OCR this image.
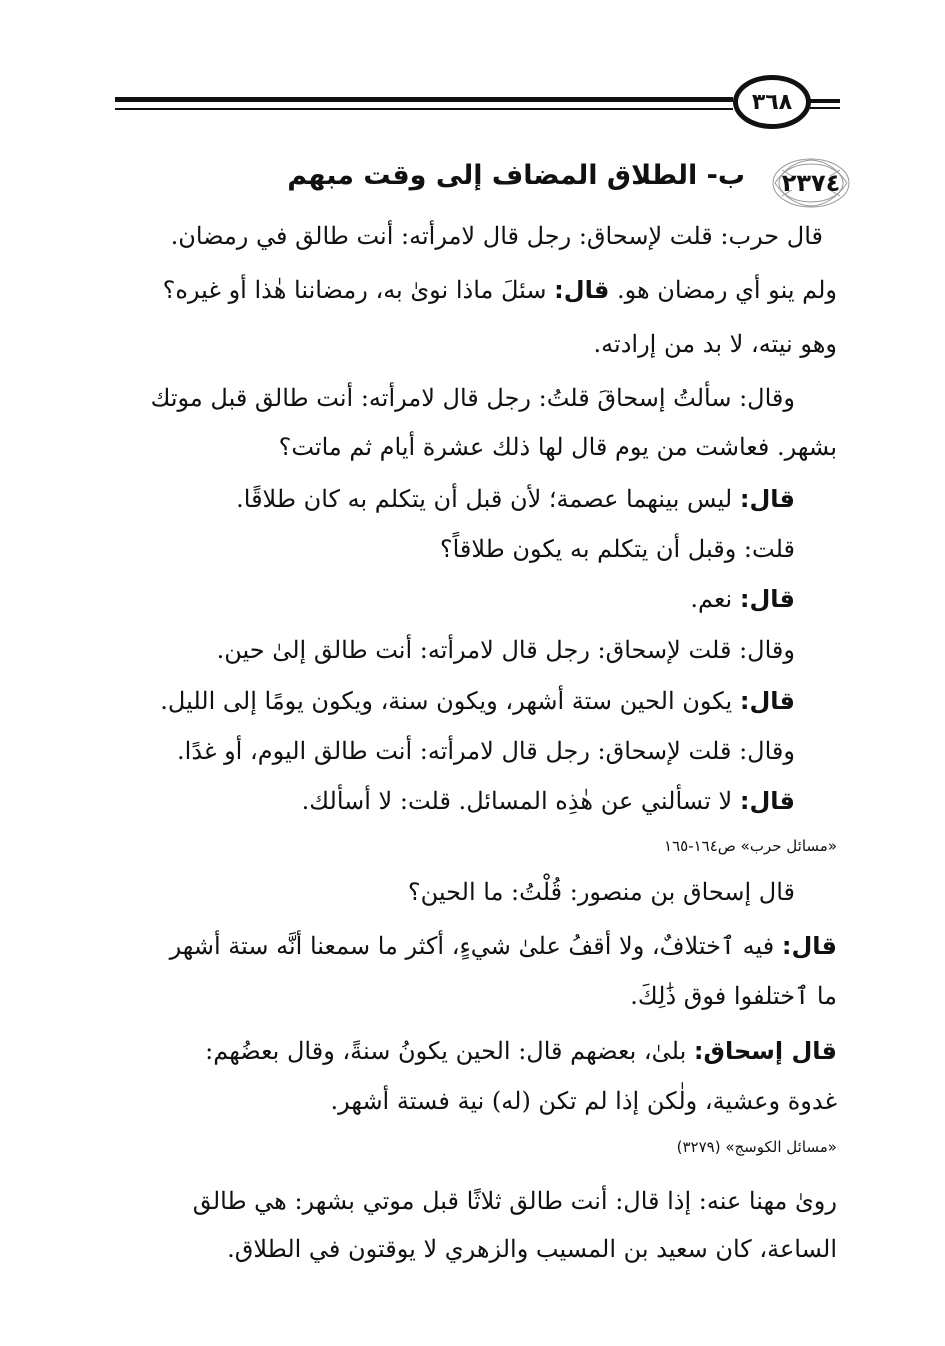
٣٦٨
٢٣٧٤
ب- الطلاق المضاف إلى وقت مبهم
قال حرب: قلت لإسحاق: رجل قال لامرأته: أنت طالق في رمضان.
ولم ينو أي رمضان هو. قال: سئلَ ماذا نوىٰ به، رمضاننا هٰذا أو غيره؟
وهو نيته، لا بد من إرادته.
وقال: سألتُ إسحاقَ قلتُ: رجل قال لامرأته: أنت طالق قبل موتك
بشهر. فعاشت من يوم قال لها ذلك عشرة أيام ثم ماتت؟
قال: ليس بينهما عصمة؛ لأن قبل أن يتكلم به كان طلاقًا.
قلت: وقبل أن يتكلم به يكون طلاقاً؟
قال: نعم.
وقال: قلت لإسحاق: رجل قال لامرأته: أنت طالق إلىٰ حين.
قال: يكون الحين ستة أشهر، ويكون سنة، ويكون يومًا إلى الليل.
وقال: قلت لإسحاق: رجل قال لامرأته: أنت طالق اليوم، أو غدًا.
قال: لا تسألني عن هٰذِه المسائل. قلت: لا أسألك.
«مسائل حرب» ص١٦٤-١٦٥
قال إسحاق بن منصور: قُلْتُ: ما الحين؟
قال: فيه ٱختلافٌ، ولا أقفُ علىٰ شيءٍ، أكثر ما سمعنا أنَّه ستة أشهر
ما ٱختلفوا فوق ذَٰلِكَ.
قال إسحاق: بلىٰ، بعضهم قال: الحين يكونُ سنةً، وقال بعضُهم:
غدوة وعشية، ولٰكن إذا لم تكن (له) نية فستة أشهر.
«مسائل الكوسج» (٣٢٧٩)
روىٰ مهنا عنه: إذا قال: أنت طالق ثلاثًا قبل موتي بشهر: هي طالق
الساعة، كان سعيد بن المسيب والزهري لا يوقتون في الطلاق.
